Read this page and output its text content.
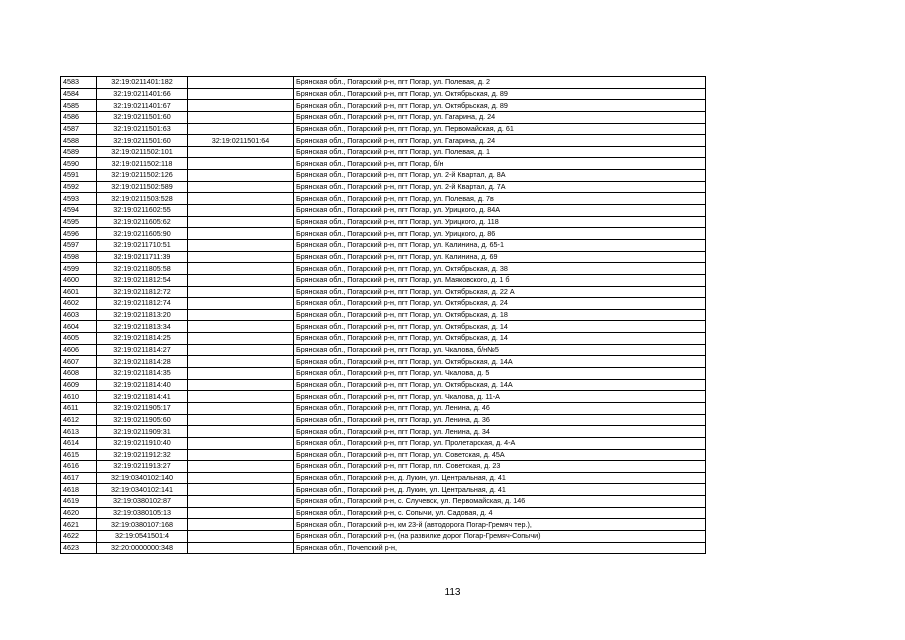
4583	32:19:0211401:182		Брянская обл., Погарский р-н, пгт Погар, ул. Полевая, д. 2
4584	32:19:0211401:66		Брянская обл., Погарский р-н, пгт Погар, ул. Октябрьская, д. 89
4585	32:19:0211401:67		Брянская обл., Погарский р-н, пгт Погар, ул. Октябрьская, д. 89
4586	32:19:0211501:60		Брянская обл., Погарский р-н, пгт Погар, ул. Гагарина, д. 24
4587	32:19:0211501:63		Брянская обл., Погарский р-н, пгт Погар, ул. Первомайская, д. 61
4588	32:19:0211501:60	32:19:0211501:64	Брянская обл., Погарский р-н, пгт Погар, ул. Гагарина, д. 24
4589	32:19:0211502:101		Брянская обл., Погарский р-н, пгт Погар, ул. Полевая, д. 1
4590	32:19:0211502:118		Брянская обл., Погарский р-н, пгт Погар, б/н
4591	32:19:0211502:126		Брянская обл., Погарский р-н, пгт Погар, ул. 2-й Квартал, д. 8А
4592	32:19:0211502:589		Брянская обл., Погарский р-н, пгт Погар, ул. 2-й Квартал, д. 7А
4593	32:19:0211503:528		Брянская обл., Погарский р-н, пгт Погар, ул. Полевая, д. 7в
4594	32:19:0211602:55		Брянская обл., Погарский р-н, пгт Погар, ул. Урицкого, д. 84А
4595	32:19:0211605:62		Брянская обл., Погарский р-н, пгт Погар, ул. Урицкого, д. 118
4596	32:19:0211605:90		Брянская обл., Погарский р-н, пгт Погар, ул. Урицкого, д. 86
4597	32:19:0211710:51		Брянская обл., Погарский р-н, пгт Погар, ул. Калинина, д. 65-1
4598	32:19:0211711:39		Брянская обл., Погарский р-н, пгт Погар, ул. Калинина, д. 69
4599	32:19:0211805:58		Брянская обл., Погарский р-н, пгт Погар, ул. Октябрьская, д. 38
4600	32:19:0211812:54		Брянская обл., Погарский р-н, пгт Погар, ул. Маяковского, д. 1 б
4601	32:19:0211812:72		Брянская обл., Погарский р-н, пгт Погар, ул. Октябрьская, д. 22 А
4602	32:19:0211812:74		Брянская обл., Погарский р-н, пгт Погар, ул. Октябрьская, д. 24
4603	32:19:0211813:20		Брянская обл., Погарский р-н, пгт Погар, ул. Октябрьская, д. 18
4604	32:19:0211813:34		Брянская обл., Погарский р-н, пгт Погар, ул. Октябрьская, д. 14
4605	32:19:0211814:25		Брянская обл., Погарский р-н, пгт Погар, ул. Октябрьская, д. 14
4606	32:19:0211814:27		Брянская обл., Погарский р-н, пгт Погар, ул. Чкалова, б/н№5
4607	32:19:0211814:28		Брянская обл., Погарский р-н, пгт Погар, ул. Октябрьская, д. 14А
4608	32:19:0211814:35		Брянская обл., Погарский р-н, пгт Погар, ул. Чкалова, д. 5
4609	32:19:0211814:40		Брянская обл., Погарский р-н, пгт Погар, ул. Октябрьская, д. 14А
4610	32:19:0211814:41		Брянская обл., Погарский р-н, пгт Погар, ул. Чкалова, д. 11-А
4611	32:19:0211905:17		Брянская обл., Погарский р-н, пгт Погар, ул. Ленина, д. 46
4612	32:19:0211905:60		Брянская обл., Погарский р-н, пгт Погар, ул. Ленина, д. 36
4613	32:19:0211909:31		Брянская обл., Погарский р-н, пгт Погар, ул. Ленина, д. 34
4614	32:19:0211910:40		Брянская обл., Погарский р-н, пгт Погар, ул. Пролетарская, д. 4-А
4615	32:19:0211912:32		Брянская обл., Погарский р-н, пгт Погар, ул. Советская, д. 45А
4616	32:19:0211913:27		Брянская обл., Погарский р-н, пгт Погар, пл. Советская, д. 23
4617	32:19:0340102:140		Брянская обл., Погарский р-н, д. Лукин, ул. Центральная, д. 41
4618	32:19:0340102:141		Брянская обл., Погарский р-н, д. Лукин, ул. Центральная, д. 41
4619	32:19:0380102:87		Брянская обл., Погарский р-н, с. Случевск, ул. Первомайская, д. 146
4620	32:19:0380105:13		Брянская обл., Погарский р-н, с. Сопычи, ул. Садовая, д. 4
4621	32:19:0380107:168		Брянская обл., Погарский р-н, км 23-й (автодорога Погар-Гремяч тер.),
4622	32:19:0541501:4		Брянская обл., Погарский р-н, (на развилке дорог Погар-Гремяч-Сопычи)
4623	32:20:0000000:348		Брянская обл., Почепский р-н,
113
